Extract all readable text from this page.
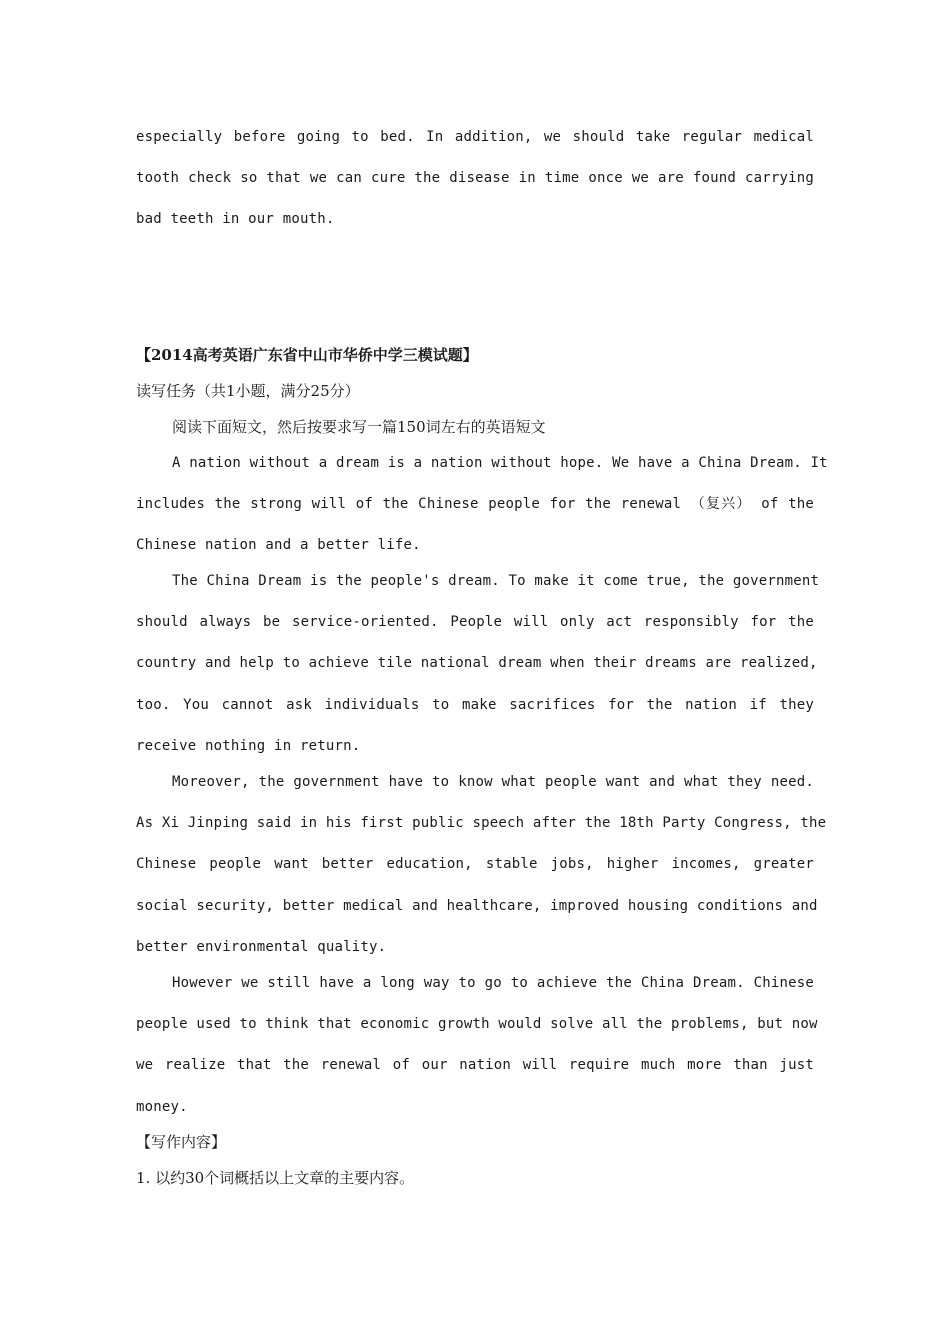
especially before going to bed. In addition, we should take regular medical
tooth check so that we can cure the disease in time once we are found carrying
bad teeth in our mouth.
【2014高考英语广东省中山市华侨中学三模试题】
读写任务（共1小题，满分25分）
阅读下面短文，然后按要求写一篇150词左右的英语短文
A nation without a dream is a nation without hope. We have a China Dream. It
includes the strong will of the Chinese people for the renewal （复兴） of the
Chinese nation and a better life.
The China Dream is the people's dream. To make it come true, the government
should always be service-oriented. People will only act responsibly for the
country and help to achieve tile national dream when their dreams are realized,
too. You cannot ask individuals to make sacrifices for the nation if they
receive nothing in return.
Moreover, the government have to know what people want and what they need.
As Xi Jinping said in his first public speech after the 18th Party Congress, the
Chinese people want better education, stable jobs, higher incomes, greater
social security, better medical and healthcare, improved housing conditions and
better environmental quality.
However we still have a long way to go to achieve the China Dream. Chinese
people used to think that economic growth would solve all the problems, but now
we realize that the renewal of our nation will require much more than just
money.
【写作内容】
1. 以约30个词概括以上文章的主要内容。
